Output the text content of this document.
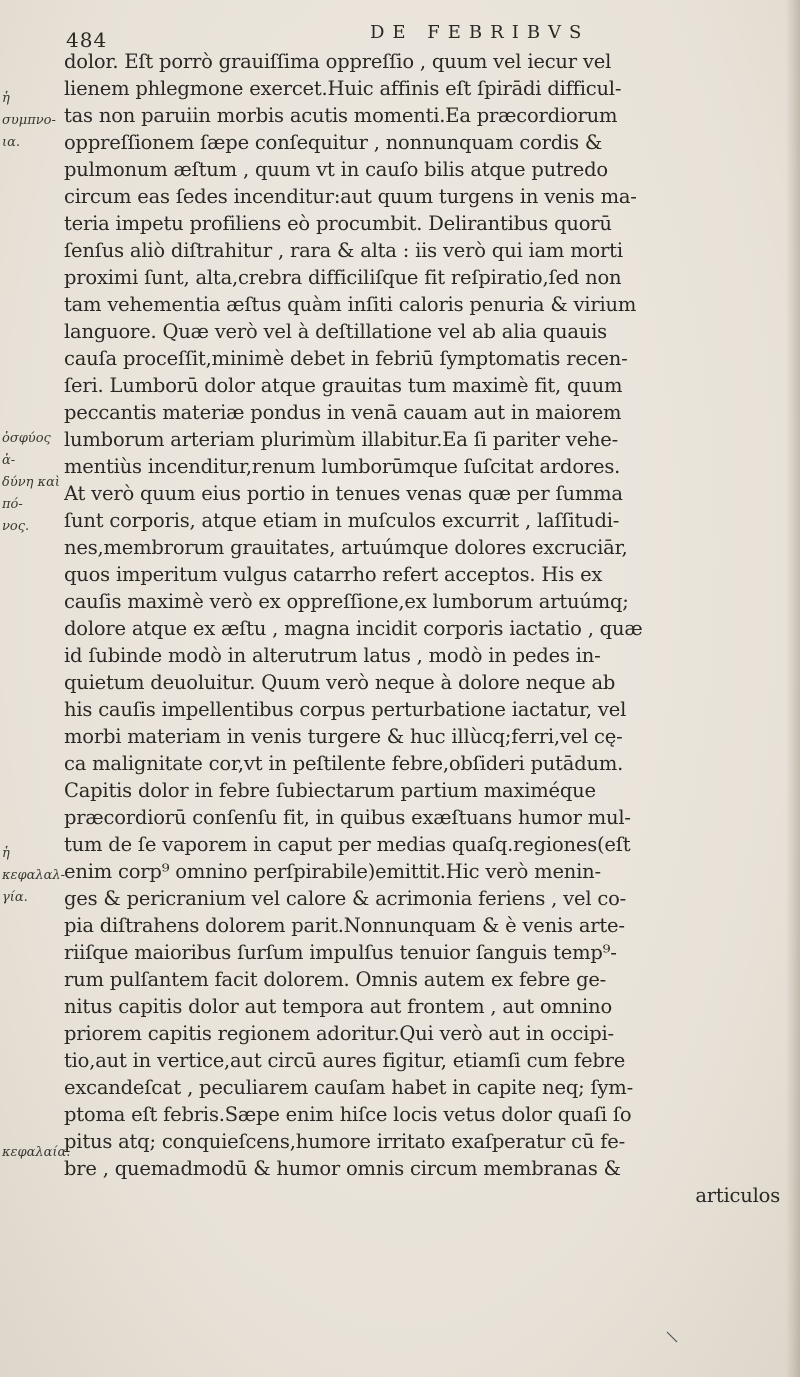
484	DE FEBRIBVS
ἡ συμπνο-
ια.
ὀσφύος ἀ-
δύνη καὶ πό-
νος.
ἡ κεφαλαλ-
γία.
κεφαλαία.
dolor. Eſt porrò grauiſſima oppreſſio , quum vel iecur vel
lienem phlegmone exercet.Huic affinis eſt ſpirādi difficul-
tas non paruiin morbis acutis momenti.Ea præcordiorum
oppreſſionem ſæpe conſequitur , nonnunquam cordis &
pulmonum æſtum , quum vt in cauſo bilis atque putredo
circum eas ſedes incenditur:aut quum turgens in venis ma-
teria impetu profiliens eò procumbit. Delirantibus quorū
ſenſus aliò diſtrahitur , rara & alta : iis verò qui iam morti
proximi ſunt, alta,crebra difficiliſque fit reſpiratio,ſed non
tam vehementia æſtus quàm inſiti caloris penuria & virium
languore. Quæ verò vel à deſtillatione vel ab alia quauis
cauſa proceſſit,minimè debet in febriū ſymptomatis recen-
ſeri. Lumborū dolor atque grauitas tum maximè fit, quum
peccantis materiæ pondus in venā cauam aut in maiorem
lumborum arteriam plurimùm illabitur.Ea ſi pariter vehe-
mentiùs incenditur,renum lumborūmque ſuſcitat ardores.
At verò quum eius portio in tenues venas quæ per ſumma
ſunt corporis, atque etiam in muſculos excurrit , laſſitudi-
nes,membrorum grauitates, artuúmque dolores excruciār,
quos imperitum vulgus catarrho refert acceptos. His ex
cauſis maximè verò ex oppreſſione,ex lumborum artuúmq;
dolore atque ex æſtu , magna incidit corporis iactatio , quæ
id ſubinde modò in alterutrum latus , modò in pedes in-
quietum deuoluitur. Quum verò neque à dolore neque ab
his cauſis impellentibus corpus perturbatione iactatur, vel
morbi materiam in venis turgere & huc illùcq;ferri,vel cę-
ca malignitate cor,vt in peſtilente febre,obſideri putādum.
Capitis dolor in febre ſubiectarum partium maximéque
præcordiorū conſenſu fit, in quibus exæſtuans humor mul-
tum de ſe vaporem in caput per medias quaſq.regiones(eſt
enim corp⁹ omnino perſpirabile)emittit.Hic verò menin-
ges & pericranium vel calore & acrimonia feriens , vel co-
pia diſtrahens dolorem parit.Nonnunquam & è venis arte-
riiſque maioribus ſurſum impulſus tenuior ſanguis temp⁹-
rum pulſantem facit dolorem. Omnis autem ex febre ge-
nitus capitis dolor aut tempora aut frontem , aut omnino
priorem capitis regionem adoritur.Qui verò aut in occipi-
tio,aut in vertice,aut circū aures figitur, etiamſi cum febre
excandeſcat , peculiarem cauſam habet in capite neq; ſym-
ptoma eſt febris.Sæpe enim hiſce locis vetus dolor quaſi ſo
pitus atq; conquieſcens,humore irritato exaſperatur cū fe-
bre , quemadmodū & humor omnis circum membranas &
articulos
